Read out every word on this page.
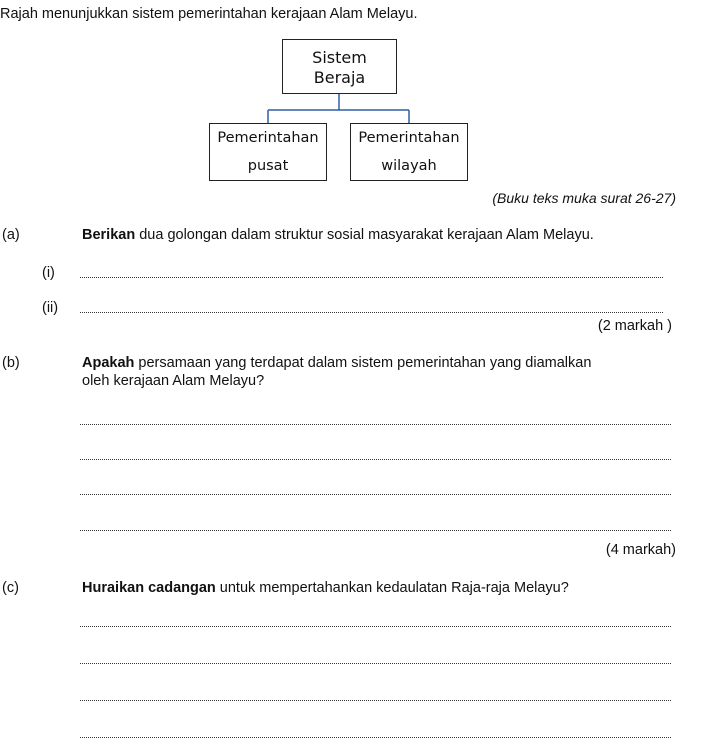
Rajah menunjukkan sistem pemerintahan kerajaan Alam Melayu.
Sistem
Beraja
Pemerintahan
pusat
Pemerintahan
wilayah
(Buku teks muka surat 26-27)
(a)	Berikan dua golongan dalam struktur sosial masyarakat kerajaan Alam Melayu.
(i)
(ii)
(2 markah )
(b)	Apakah persamaan yang terdapat dalam sistem pemerintahan yang diamalkan
oleh kerajaan Alam Melayu?
(4 markah)
(c)	Huraikan cadangan untuk mempertahankan kedaulatan Raja-raja Melayu?
